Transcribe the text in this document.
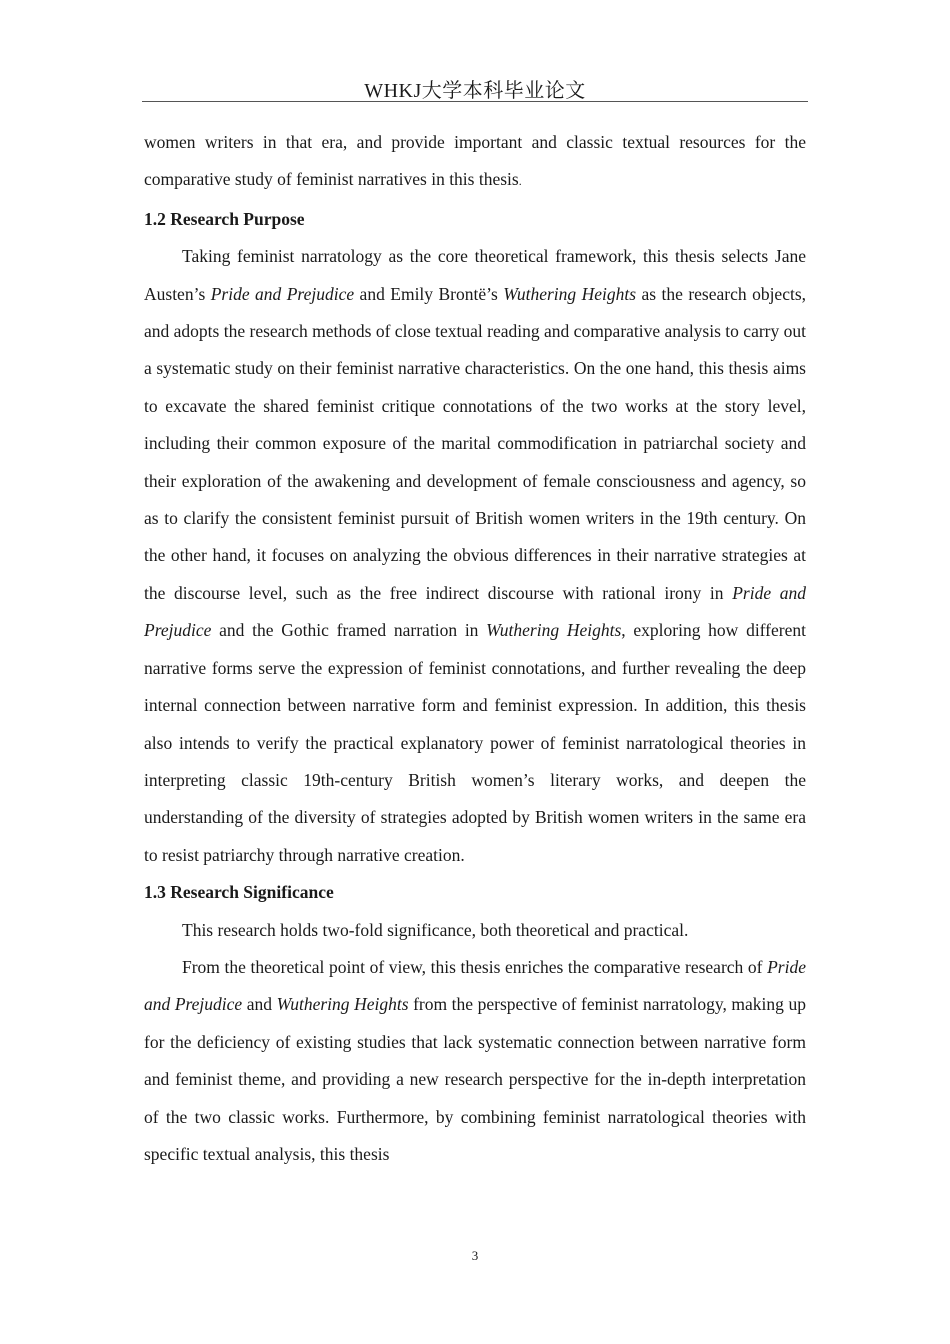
WHKJ大学本科毕业论文

women writers in that era, and provide important and classic textual resources for the comparative study of feminist narratives in this thesis.

1.2 Research Purpose

Taking feminist narratology as the core theoretical framework, this thesis selects Jane Austen’s Pride and Prejudice and Emily Brontë’s Wuthering Heights as the research objects, and adopts the research methods of close textual reading and comparative analysis to carry out a systematic study on their feminist narrative characteristics. On the one hand, this thesis aims to excavate the shared feminist critique connotations of the two works at the story level, including their common exposure of the marital commodification in patriarchal society and their exploration of the awakening and development of female consciousness and agency, so as to clarify the consistent feminist pursuit of British women writers in the 19th century. On the other hand, it focuses on analyzing the obvious differences in their narrative strategies at the discourse level, such as the free indirect discourse with rational irony in Pride and Prejudice and the Gothic framed narration in Wuthering Heights, exploring how different narrative forms serve the expression of feminist connotations, and further revealing the deep internal connection between narrative form and feminist expression. In addition, this thesis also intends to verify the practical explanatory power of feminist narratological theories in interpreting classic 19th-century British women’s literary works, and deepen the understanding of the diversity of strategies adopted by British women writers in the same era to resist patriarchy through narrative creation.

1.3 Research Significance

This research holds two-fold significance, both theoretical and practical.

From the theoretical point of view, this thesis enriches the comparative research of Pride and Prejudice and Wuthering Heights from the perspective of feminist narratology, making up for the deficiency of existing studies that lack systematic connection between narrative form and feminist theme, and providing a new research perspective for the in-depth interpretation of the two classic works. Furthermore, by combining feminist narratological theories with specific textual analysis, this thesis

3
